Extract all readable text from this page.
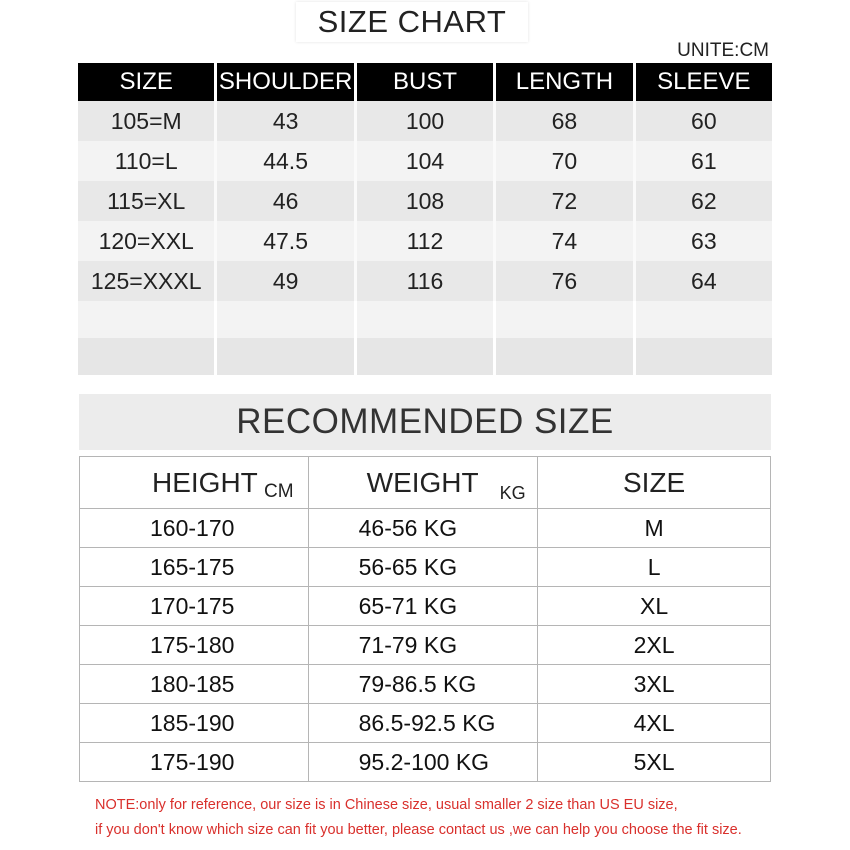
SIZE CHART
UNITE:CM
SIZE	SHOULDER	BUST	LENGTH	SLEEVE
105=M	43	100	68	60
110=L	44.5	104	70	61
115=XL	46	108	72	62
120=XXL	47.5	112	74	63
125=XXXL	49	116	76	64
RECOMMENDED SIZE
HEIGHT CM	WEIGHT KG	SIZE
160-170	46-56 KG	M
165-175	56-65 KG	L
170-175	65-71 KG	XL
175-180	71-79 KG	2XL
180-185	79-86.5 KG	3XL
185-190	86.5-92.5 KG	4XL
175-190	95.2-100 KG	5XL
NOTE:only for reference, our size is in Chinese size, usual smaller 2 size than US EU size,
if you don't know which size can fit you better, please contact us ,we can help you choose the fit size.
